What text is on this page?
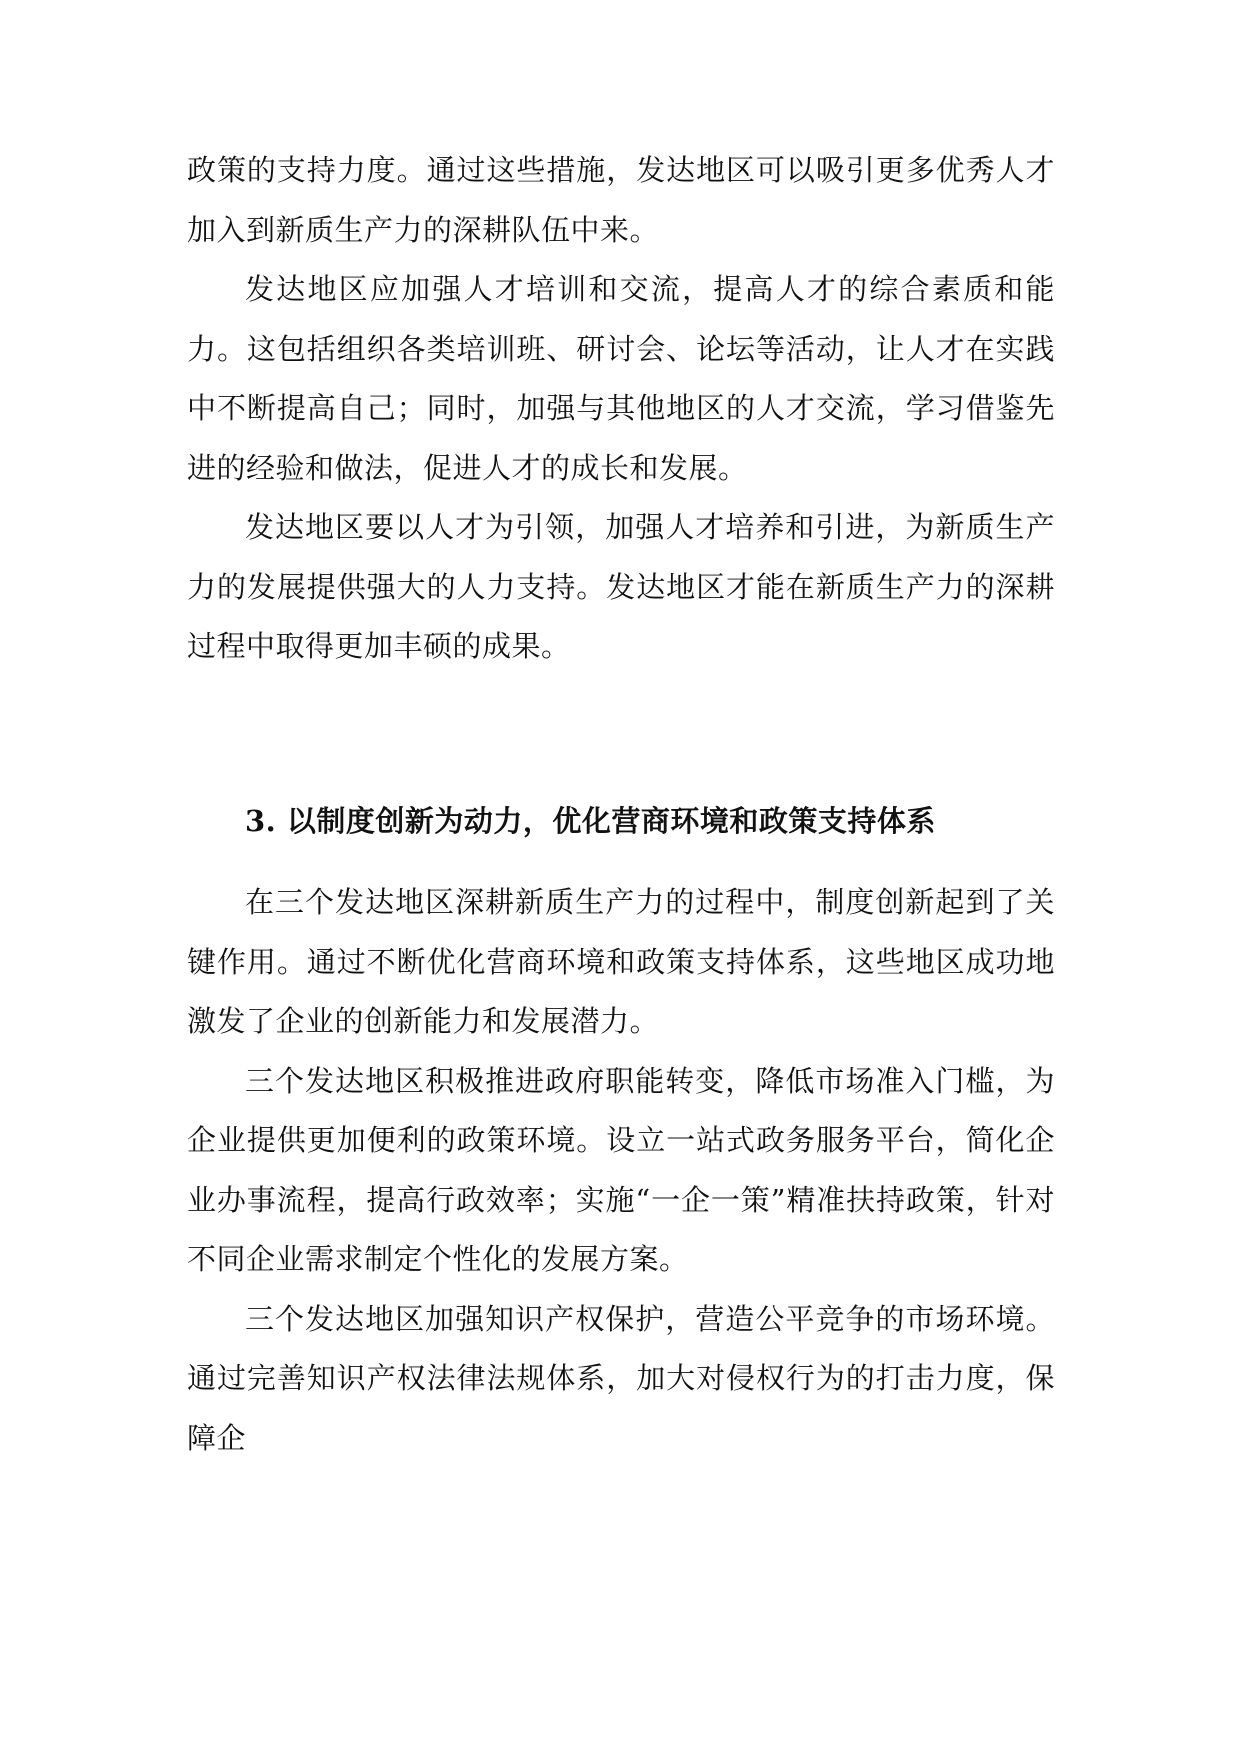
政策的支持力度。通过这些措施，发达地区可以吸引更多优秀人才加入到新质生产力的深耕队伍中来。

发达地区应加强人才培训和交流，提高人才的综合素质和能力。这包括组织各类培训班、研讨会、论坛等活动，让人才在实践中不断提高自己；同时，加强与其他地区的人才交流，学习借鉴先进的经验和做法，促进人才的成长和发展。

发达地区要以人才为引领，加强人才培养和引进，为新质生产力的发展提供强大的人力支持。发达地区才能在新质生产力的深耕过程中取得更加丰硕的成果。

3. 以制度创新为动力，优化营商环境和政策支持体系

在三个发达地区深耕新质生产力的过程中，制度创新起到了关键作用。通过不断优化营商环境和政策支持体系，这些地区成功地激发了企业的创新能力和发展潜力。

三个发达地区积极推进政府职能转变，降低市场准入门槛，为企业提供更加便利的政策环境。设立一站式政务服务平台，简化企业办事流程，提高行政效率；实施“一企一策”精准扶持政策，针对不同企业需求制定个性化的发展方案。

三个发达地区加强知识产权保护，营造公平竞争的市场环境。通过完善知识产权法律法规体系，加大对侵权行为的打击力度，保障企
